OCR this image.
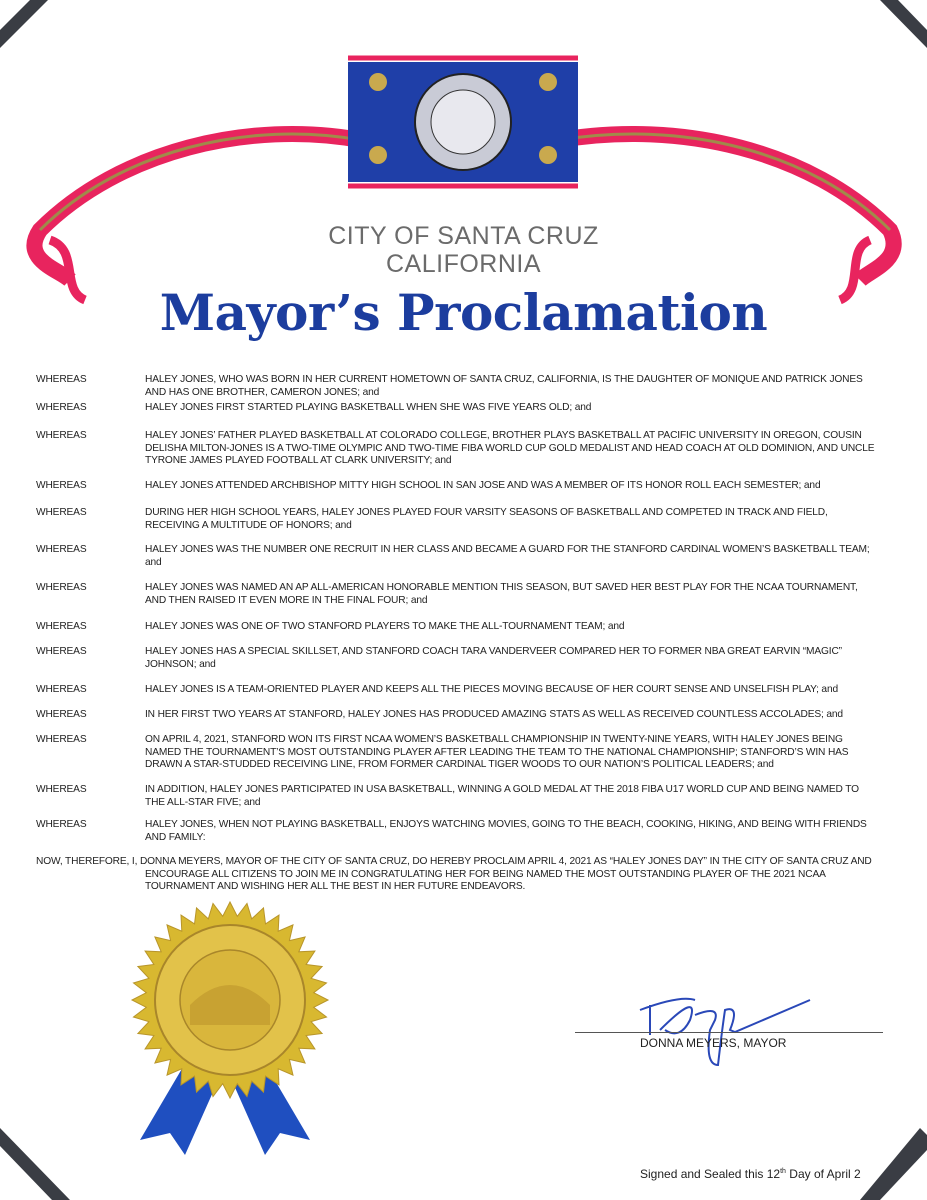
CITY OF SANTA CRUZ
CALIFORNIA
Mayor’s Proclamation
WHEREAS	HALEY JONES, WHO WAS BORN IN HER CURRENT HOMETOWN OF SANTA CRUZ, CALIFORNIA, IS THE DAUGHTER OF MONIQUE AND PATRICK JONES AND HAS ONE BROTHER, CAMERON JONES; and
WHEREAS	HALEY JONES FIRST STARTED PLAYING BASKETBALL WHEN SHE WAS FIVE YEARS OLD; and
WHEREAS	HALEY JONES’ FATHER PLAYED BASKETBALL AT COLORADO COLLEGE, BROTHER PLAYS BASKETBALL AT PACIFIC UNIVERSITY IN OREGON, COUSIN DELISHA MILTON-JONES IS A TWO-TIME OLYMPIC AND TWO-TIME FIBA WORLD CUP GOLD MEDALIST AND HEAD COACH AT OLD DOMINION, AND UNCLE TYRONE JAMES PLAYED FOOTBALL AT CLARK UNIVERSITY; and
WHEREAS	HALEY JONES ATTENDED ARCHBISHOP MITTY HIGH SCHOOL IN SAN JOSE AND WAS A MEMBER OF ITS HONOR ROLL EACH SEMESTER; and
WHEREAS	DURING HER HIGH SCHOOL YEARS, HALEY JONES PLAYED FOUR VARSITY SEASONS OF BASKETBALL AND COMPETED IN TRACK AND FIELD, RECEIVING A MULTITUDE OF HONORS; and
WHEREAS	HALEY JONES WAS THE NUMBER ONE RECRUIT IN HER CLASS AND BECAME A GUARD FOR THE STANFORD CARDINAL WOMEN’S BASKETBALL TEAM; and
WHEREAS	HALEY JONES WAS NAMED AN AP ALL-AMERICAN HONORABLE MENTION THIS SEASON, BUT SAVED HER BEST PLAY FOR THE NCAA TOURNAMENT, AND THEN RAISED IT EVEN MORE IN THE FINAL FOUR; and
WHEREAS	HALEY JONES WAS ONE OF TWO STANFORD PLAYERS TO MAKE THE ALL-TOURNAMENT TEAM; and
WHEREAS	HALEY JONES HAS A SPECIAL SKILLSET, AND STANFORD COACH TARA VANDERVEER COMPARED HER TO FORMER NBA GREAT EARVIN “MAGIC” JOHNSON; and
WHEREAS	HALEY JONES IS A TEAM-ORIENTED PLAYER AND KEEPS ALL THE PIECES MOVING BECAUSE OF HER COURT SENSE AND UNSELFISH PLAY; and
WHEREAS	IN HER FIRST TWO YEARS AT STANFORD, HALEY JONES HAS PRODUCED AMAZING STATS AS WELL AS RECEIVED COUNTLESS ACCOLADES; and
WHEREAS	ON APRIL 4, 2021, STANFORD WON ITS FIRST NCAA WOMEN’S BASKETBALL CHAMPIONSHIP IN TWENTY-NINE YEARS, WITH HALEY JONES BEING NAMED THE TOURNAMENT’S MOST OUTSTANDING PLAYER AFTER LEADING THE TEAM TO THE NATIONAL CHAMPIONSHIP; STANFORD’S WIN HAS DRAWN A STAR-STUDDED RECEIVING LINE, FROM FORMER CARDINAL TIGER WOODS TO OUR NATION’S POLITICAL LEADERS; and
WHEREAS	IN ADDITION, HALEY JONES PARTICIPATED IN USA BASKETBALL, WINNING A GOLD MEDAL AT THE 2018 FIBA U17 WORLD CUP AND BEING NAMED TO THE ALL-STAR FIVE; and
WHEREAS	HALEY JONES, WHEN NOT PLAYING BASKETBALL, ENJOYS WATCHING MOVIES, GOING TO THE BEACH, COOKING, HIKING, AND BEING WITH FRIENDS AND FAMILY:
NOW, THEREFORE, I, DONNA MEYERS, MAYOR OF THE CITY OF SANTA CRUZ, DO HEREBY PROCLAIM APRIL 4, 2021 AS “HALEY JONES DAY” IN THE CITY OF SANTA CRUZ AND ENCOURAGE ALL CITIZENS TO JOIN ME IN CONGRATULATING HER FOR BEING NAMED THE MOST OUTSTANDING PLAYER OF THE 2021 NCAA TOURNAMENT AND WISHING HER ALL THE BEST IN HER FUTURE ENDEAVORS.
DONNA MEYERS, MAYOR
Signed and Sealed this 12th Day of April 2
